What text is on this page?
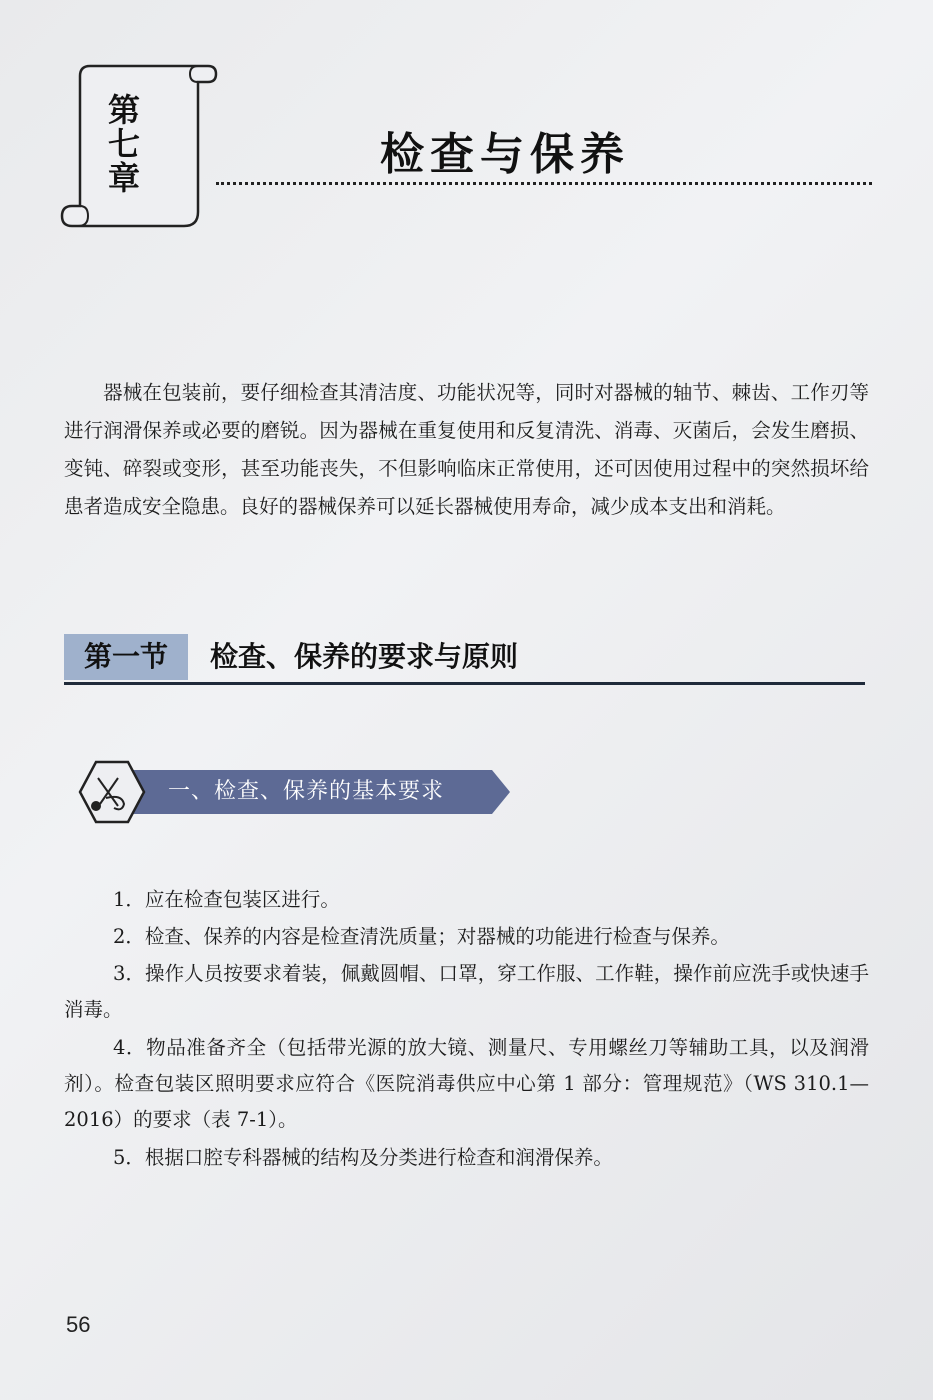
第七章	检查与保养
器械在包装前，要仔细检查其清洁度、功能状况等，同时对器械的轴节、棘齿、工作刃等进行润滑保养或必要的磨锐。因为器械在重复使用和反复清洗、消毒、灭菌后，会发生磨损、变钝、碎裂或变形，甚至功能丧失，不但影响临床正常使用，还可因使用过程中的突然损坏给患者造成安全隐患。良好的器械保养可以延长器械使用寿命，减少成本支出和消耗。
第一节	检查、保养的要求与原则
一、检查、保养的基本要求
1．应在检查包装区进行。
2．检查、保养的内容是检查清洗质量；对器械的功能进行检查与保养。
3．操作人员按要求着装，佩戴圆帽、口罩，穿工作服、工作鞋，操作前应洗手或快速手消毒。
4．物品准备齐全（包括带光源的放大镜、测量尺、专用螺丝刀等辅助工具，以及润滑剂）。检查包装区照明要求应符合《医院消毒供应中心第 1 部分：管理规范》（WS 310.1—2016）的要求（表 7-1）。
5．根据口腔专科器械的结构及分类进行检查和润滑保养。
56
